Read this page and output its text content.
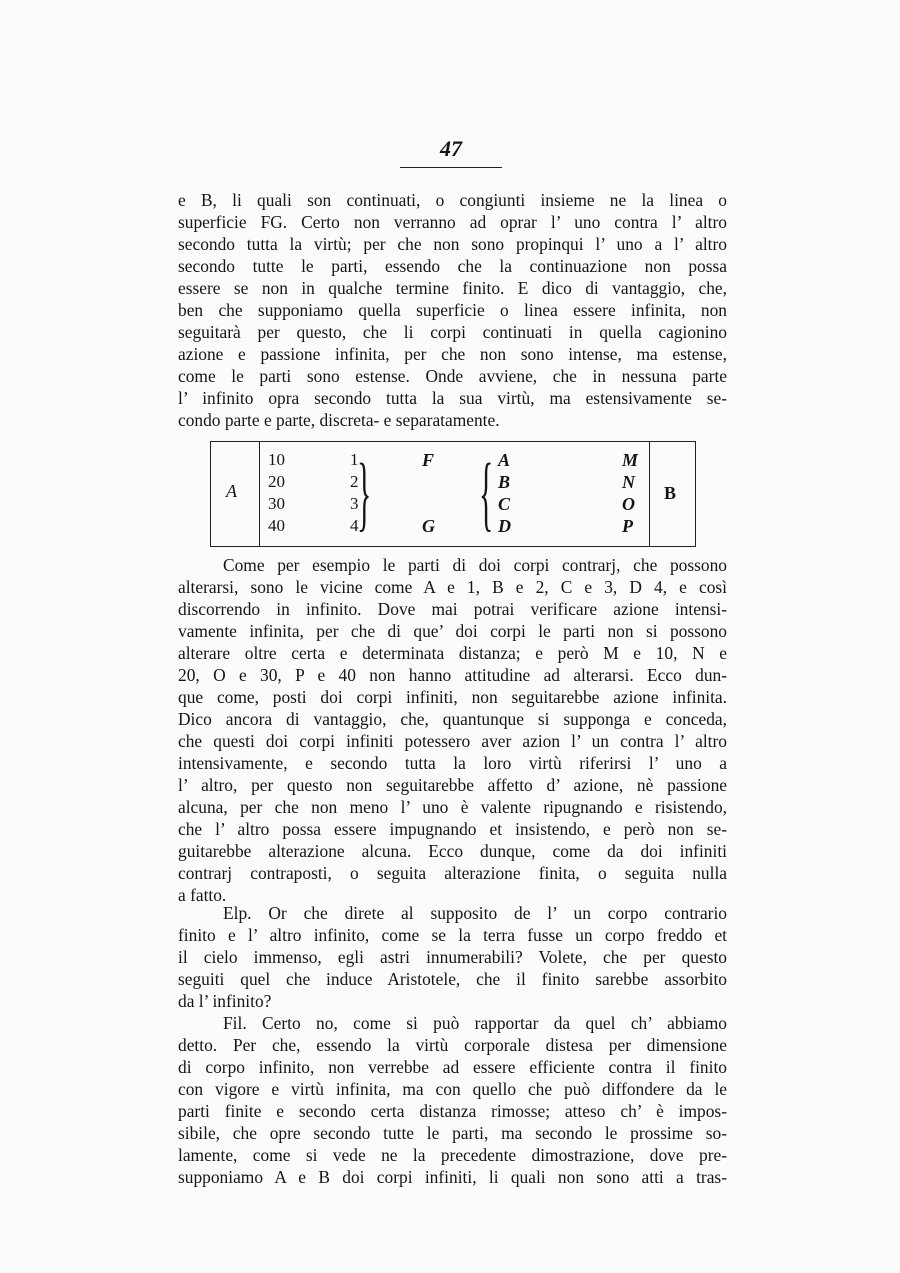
47
e B, li quali son continuati, o congiunti insieme ne la linea o
superficie FG. Certo non verranno ad oprar l’ uno contra l’ altro
secondo tutta la virtù; per che non sono propinqui l’ uno a l’ altro
secondo tutte le parti, essendo che la continuazione non possa
essere se non in qualche termine finito. E dico di vantaggio, che,
ben che supponiamo quella superficie o linea essere infinita, non
seguitarà per questo, che li corpi continuati in quella cagionino
azione e passione infinita, per che non sono intense, ma estense,
come le parti sono estense. Onde avviene, che in nessuna parte
l’ infinito opra secondo tutta la sua virtù, ma estensivamente se-
condo parte e parte, discreta- e separatamente.
A	B
10
20
30
40
1
2
3
4
}	F
G { A
B
C
D
M
N
O
P
Come per esempio le parti di doi corpi contrarj, che possono
alterarsi, sono le vicine come A e 1, B e 2, C e 3, D 4, e così
discorrendo in infinito. Dove mai potrai verificare azione intensi-
vamente infinita, per che di que’ doi corpi le parti non si possono
alterare oltre certa e determinata distanza; e però M e 10, N e
20, O e 30, P e 40 non hanno attitudine ad alterarsi. Ecco dun-
que come, posti doi corpi infiniti, non seguitarebbe azione infinita.
Dico ancora di vantaggio, che, quantunque si supponga e conceda,
che questi doi corpi infiniti potessero aver azion l’ un contra l’ altro
intensivamente, e secondo tutta la loro virtù riferirsi l’ uno a
l’ altro, per questo non seguitarebbe affetto d’ azione, nè passione
alcuna, per che non meno l’ uno è valente ripugnando e risistendo,
che l’ altro possa essere impugnando et insistendo, e però non se-
guitarebbe alterazione alcuna. Ecco dunque, come da doi infiniti
contrarj contraposti, o seguita alterazione finita, o seguita nulla
a fatto.
Elp. Or che direte al supposito de l’ un corpo contrario
finito e l’ altro infinito, come se la terra fusse un corpo freddo et
il cielo immenso, egli astri innumerabili? Volete, che per questo
seguiti quel che induce Aristotele, che il finito sarebbe assorbito
da l’ infinito?
Fil. Certo no, come si può rapportar da quel ch’ abbiamo
detto. Per che, essendo la virtù corporale distesa per dimensione
di corpo infinito, non verrebbe ad essere efficiente contra il finito
con vigore e virtù infinita, ma con quello che può diffondere da le
parti finite e secondo certa distanza rimosse; atteso ch’ è impos-
sibile, che opre secondo tutte le parti, ma secondo le prossime so-
lamente, come si vede ne la precedente dimostrazione, dove pre-
supponiamo A e B doi corpi infiniti, li quali non sono atti a tras-
